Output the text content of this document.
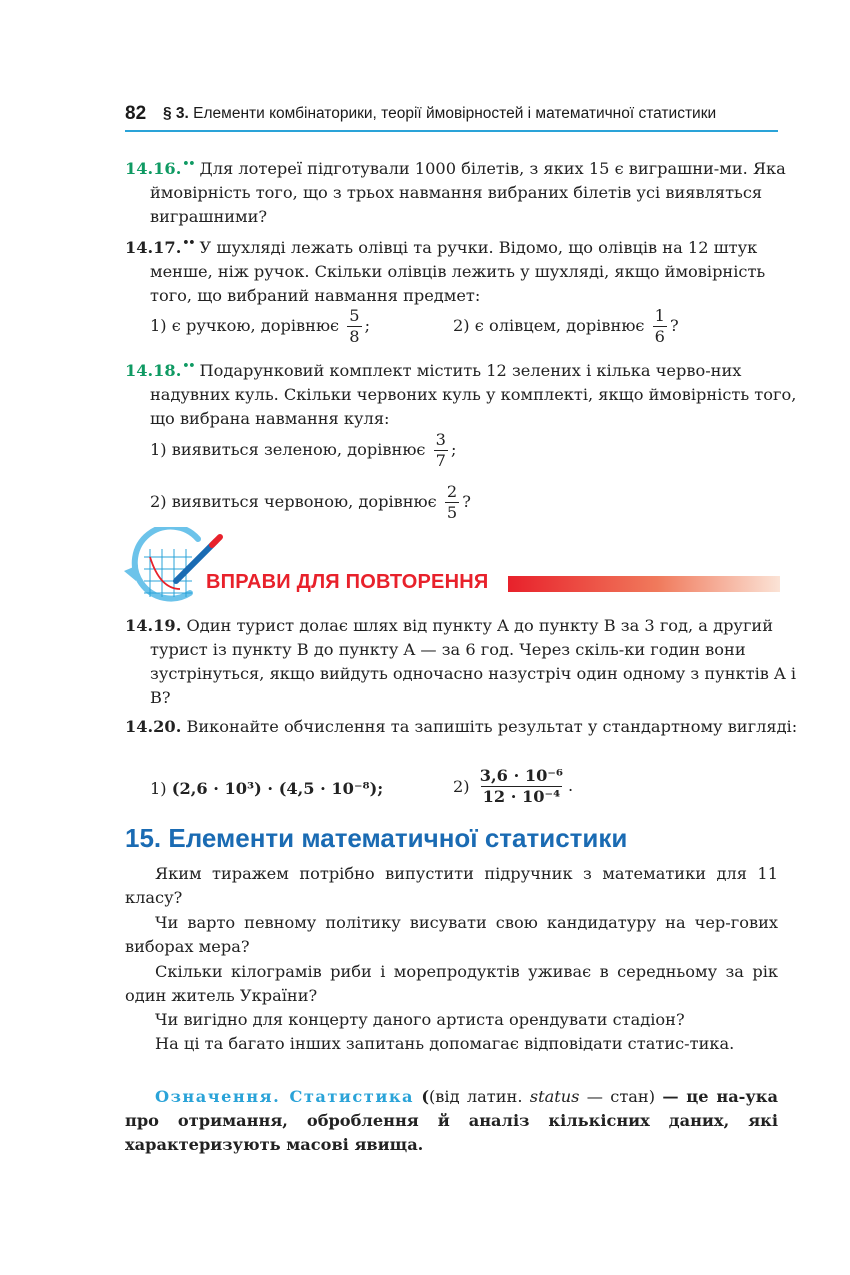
82 § 3. Елементи комбінаторики, теорії ймовірностей і математичної статистики
14.16.•• Для лотереї підготували 1000 білетів, з яких 15 є виграшни-ми. Яка ймовірність того, що з трьох навмання вибраних білетів усі виявляться виграшними?
14.17.•• У шухляді лежать олівці та ручки. Відомо, що олівців на 12 штук менше, ніж ручок. Скільки олівців лежить у шухляді, якщо ймовірність того, що вибраний навмання предмет:
1) є ручкою, дорівнює $\frac{5}{8}$ ;	2) є олівцем, дорівнює $\frac{1}{6}$ ?
14.18.•• Подарунковий комплект містить 12 зелених і кілька черво-них надувних куль. Скільки червоних куль у комплекті, якщо ймовірність того, що вибрана навмання куля:
1) виявиться зеленою, дорівнює $\frac{3}{7}$ ;
2) виявиться червоною, дорівнює $\frac{2}{5}$ ?
ВПРАВИ ДЛЯ ПОВТОРЕННЯ
14.19. Один турист долає шлях від пункту A до пункту B за 3 год, а другий турист із пункту B до пункту A — за 6 год. Через скіль-ки годин вони зустрінуться, якщо вийдуть одночасно назустріч один одному з пунктів A і B?
14.20. Виконайте обчислення та запишіть результат у стандартному вигляді:
1) (2,6 · 10³) · (4,5 · 10⁻⁸);	$2) \frac{\text{3,6 · 10⁻⁶}}{\text{12 · 10⁻⁴}}$ .
15. Елементи математичної статистики
Яким тиражем потрібно випустити підручник з математики для 11 класу?
Чи варто певному політику висувати свою кандидатуру на чер-гових виборах мера?
Скільки кілограмів риби і морепродуктів уживає в середньому за рік один житель України?
Чи вигідно для концерту даного артиста орендувати стадіон?
На ці та багато інших запитань допомагає відповідати статис-тика.
Означення. Статистика ((від латин. status — стан) — це на-ука про отримання, оброблення й аналіз кількісних даних, які характеризують масові явища.
